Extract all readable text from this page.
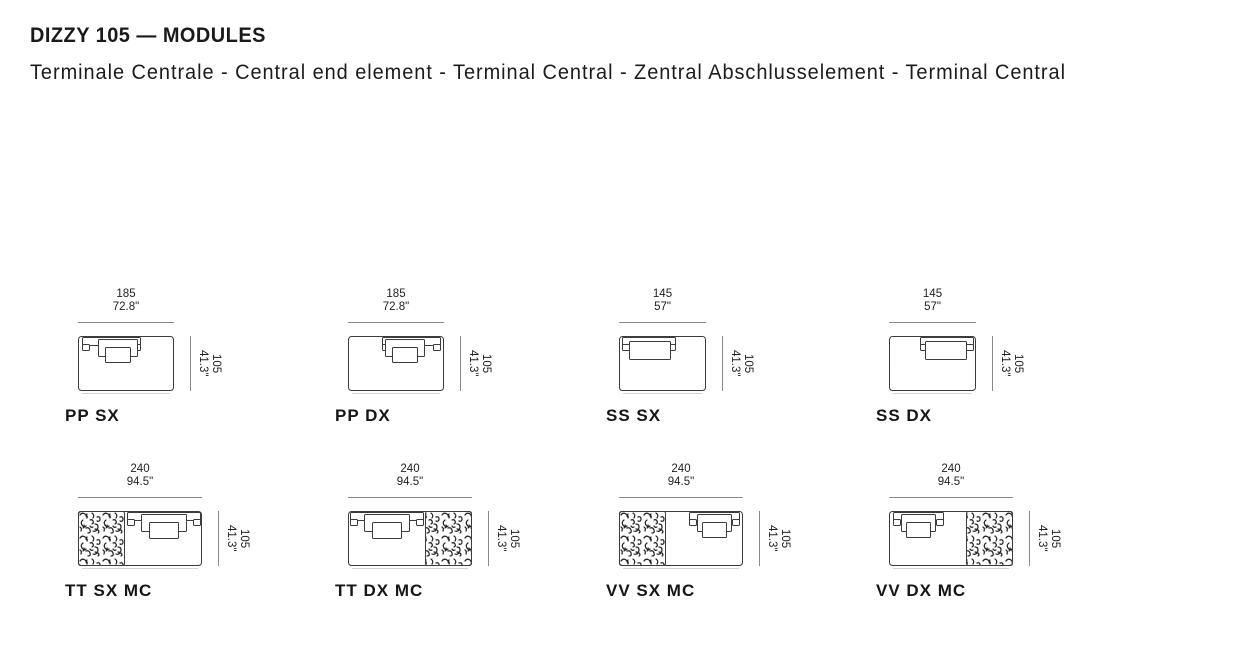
DIZZY 105 — MODULES
Terminale Centrale - Central end element - Terminal Central - Zentral Abschlusselement - Terminal Central
185
72.8"
105
41.3"
PP SX
185
72.8"
105
41.3"
PP DX
145
57"
105
41.3"
SS SX
145
57"
105
41.3"
SS DX
240
94.5"
105
41.3"
TT SX MC
240
94.5"
105
41.3"
TT DX MC
240
94.5"
105
41.3"
VV SX MC
240
94.5"
105
41.3"
VV DX MC
